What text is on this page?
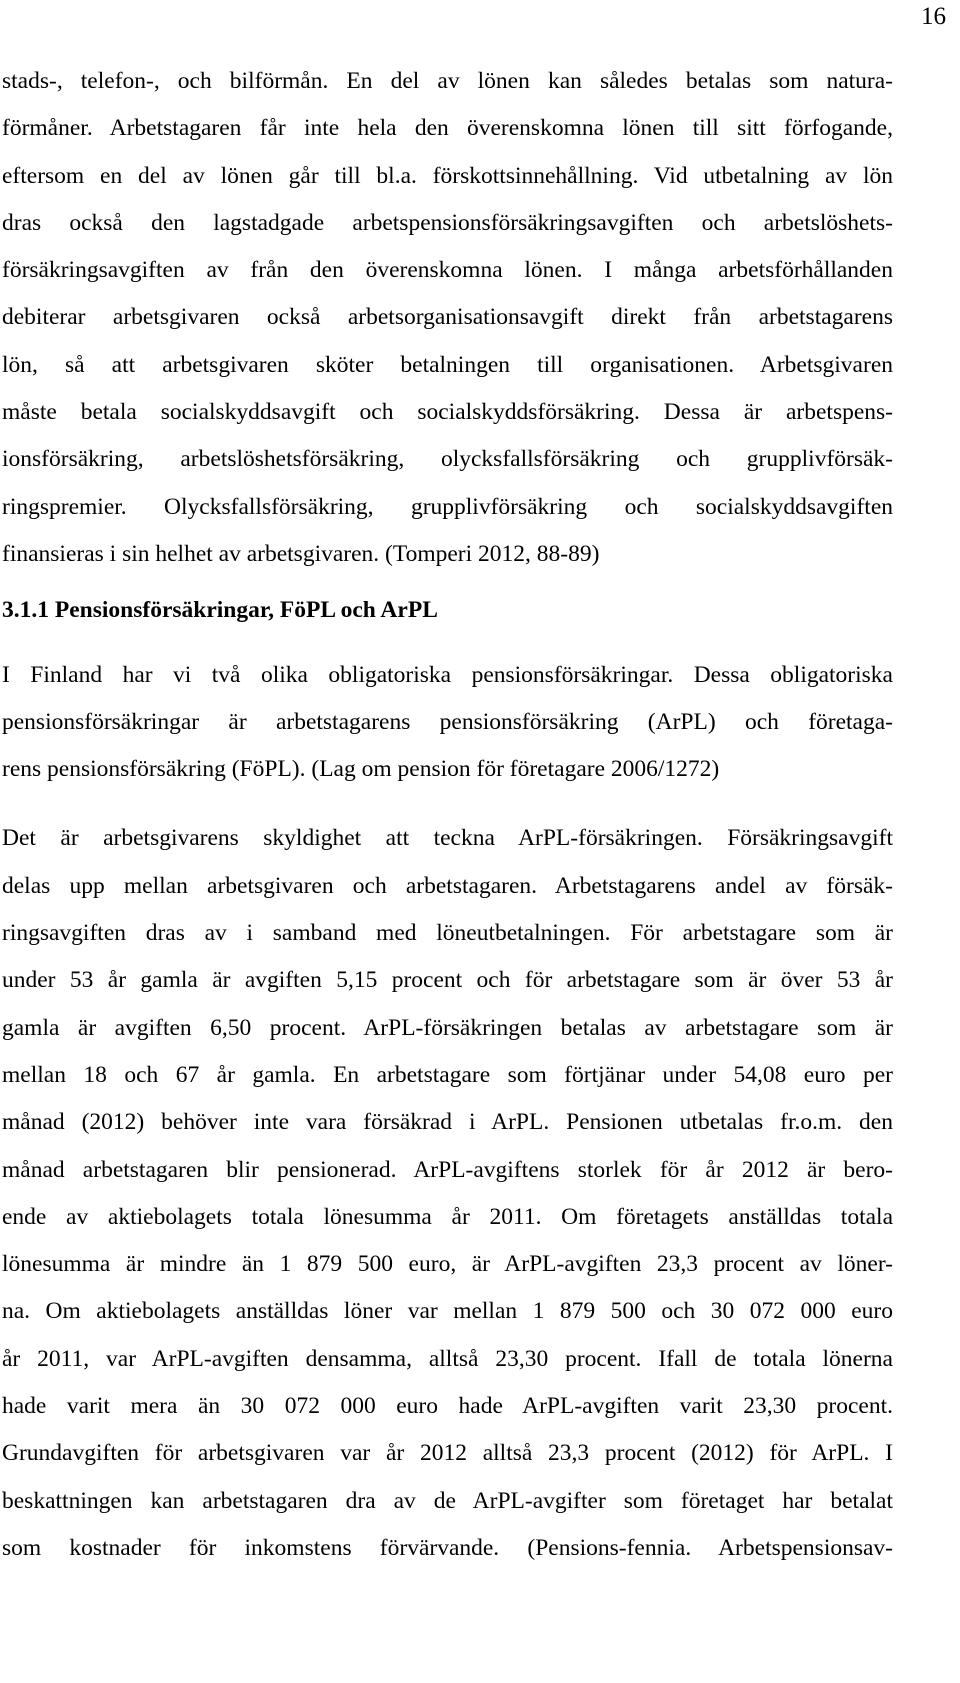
16
stads-, telefon-, och bilförmån. En del av lönen kan således betalas som natura-
förmåner. Arbetstagaren får inte hela den överenskomna lönen till sitt förfogande,
eftersom en del av lönen går till bl.a. förskottsinnehållning. Vid utbetalning av lön
dras också den lagstadgade arbetspensionsförsäkringsavgiften och arbetslöshets-
försäkringsavgiften av från den överenskomna lönen. I många arbetsförhållanden
debiterar arbetsgivaren också arbetsorganisationsavgift direkt från arbetstagarens
lön, så att arbetsgivaren sköter betalningen till organisationen. Arbetsgivaren
måste betala socialskyddsavgift och socialskyddsförsäkring. Dessa är arbetspens-
ionsförsäkring, arbetslöshetsförsäkring, olycksfallsförsäkring och grupplivförsäk-
ringspremier. Olycksfallsförsäkring, grupplivförsäkring och socialskyddsavgiften
finansieras i sin helhet av arbetsgivaren. (Tomperi 2012, 88-89)
3.1.1 Pensionsförsäkringar, FöPL och ArPL
I Finland har vi två olika obligatoriska pensionsförsäkringar. Dessa obligatoriska
pensionsförsäkringar är arbetstagarens pensionsförsäkring (ArPL) och företaga-
rens pensionsförsäkring (FöPL). (Lag om pension för företagare 2006/1272)
Det är arbetsgivarens skyldighet att teckna ArPL-försäkringen. Försäkringsavgift
delas upp mellan arbetsgivaren och arbetstagaren. Arbetstagarens andel av försäk-
ringsavgiften dras av i samband med löneutbetalningen. För arbetstagare som är
under 53 år gamla är avgiften 5,15 procent och för arbetstagare som är över 53 år
gamla är avgiften 6,50 procent. ArPL-försäkringen betalas av arbetstagare som är
mellan 18 och 67 år gamla. En arbetstagare som förtjänar under 54,08 euro per
månad (2012) behöver inte vara försäkrad i ArPL. Pensionen utbetalas fr.o.m. den
månad arbetstagaren blir pensionerad. ArPL-avgiftens storlek för år 2012 är bero-
ende av aktiebolagets totala lönesumma år 2011. Om företagets anställdas totala
lönesumma är mindre än 1 879 500 euro, är ArPL-avgiften 23,3 procent av löner-
na. Om aktiebolagets anställdas löner var mellan 1 879 500 och 30 072 000 euro
år 2011, var ArPL-avgiften densamma, alltså 23,30 procent. Ifall de totala lönerna
hade varit mera än 30 072 000 euro hade ArPL-avgiften varit 23,30 procent.
Grundavgiften för arbetsgivaren var år 2012 alltså 23,3 procent (2012) för ArPL. I
beskattningen kan arbetstagaren dra av de ArPL-avgifter som företaget har betalat
som kostnader för inkomstens förvärvande. (Pensions-fennia. Arbetspensionsav-
